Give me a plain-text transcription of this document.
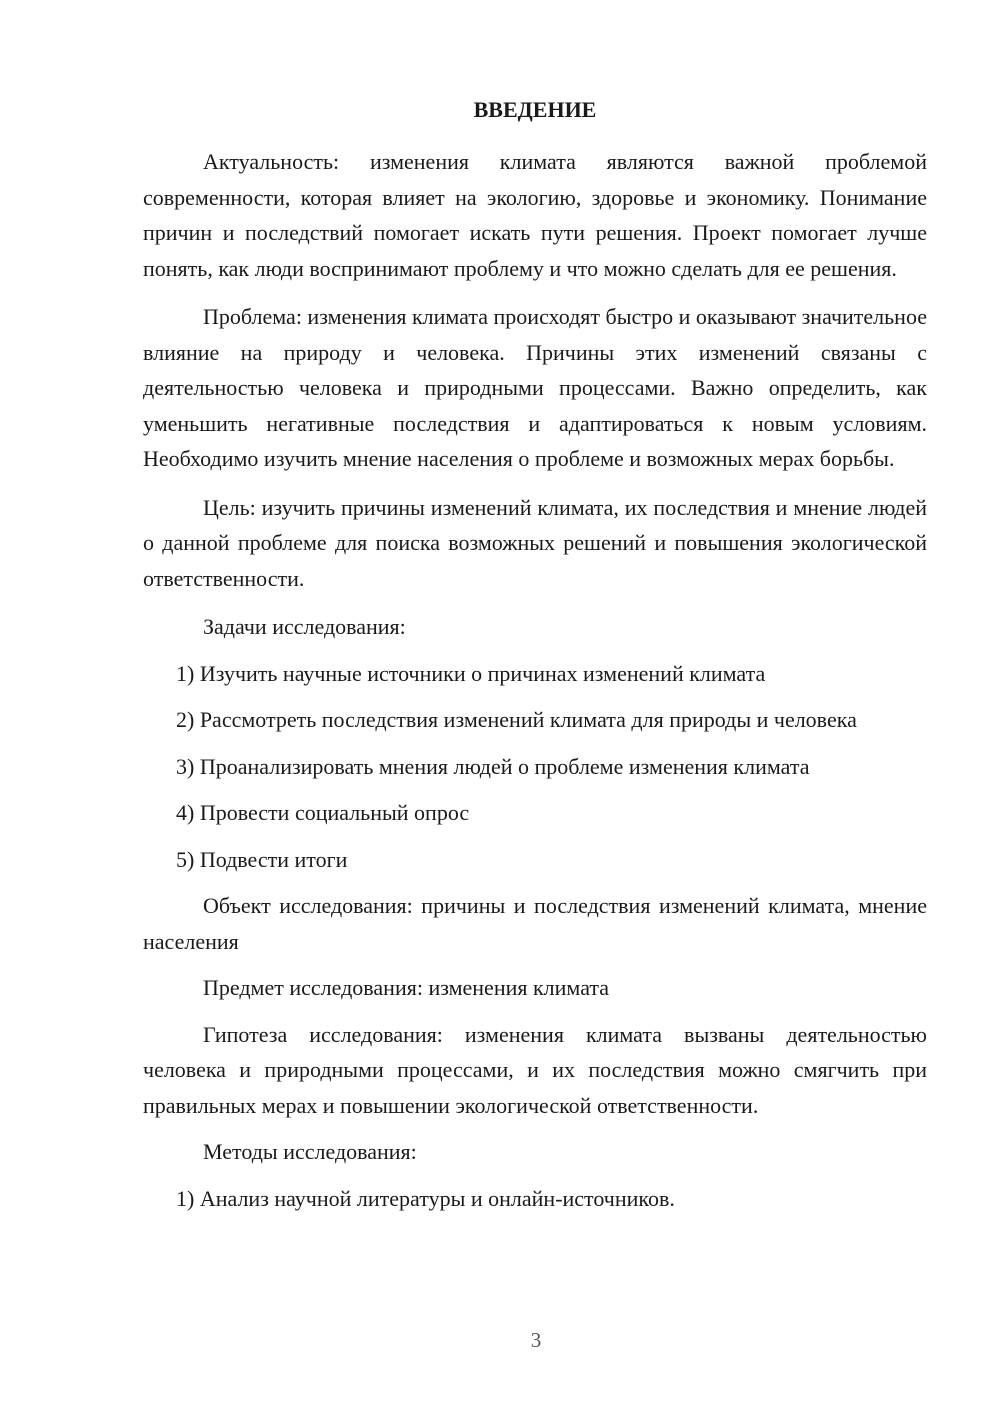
ВВЕДЕНИЕ

Актуальность: изменения климата являются важной проблемой современности, которая влияет на экологию, здоровье и экономику. Понимание причин и последствий помогает искать пути решения. Проект помогает лучше понять, как люди воспринимают проблему и что можно сделать для ее решения.

Проблема: изменения климата происходят быстро и оказывают значительное влияние на природу и человека. Причины этих изменений связаны с деятельностью человека и природными процессами. Важно определить, как уменьшить негативные последствия и адаптироваться к новым условиям. Необходимо изучить мнение населения о проблеме и возможных мерах борьбы.

Цель: изучить причины изменений климата, их последствия и мнение людей о данной проблеме для поиска возможных решений и повышения экологической ответственности.

Задачи исследования:

1) Изучить научные источники о причинах изменений климата

2) Рассмотреть последствия изменений климата для природы и человека

3) Проанализировать мнения людей о проблеме изменения климата

4) Провести социальный опрос

5) Подвести итоги

Объект исследования: причины и последствия изменений климата, мнение населения

Предмет исследования: изменения климата

Гипотеза исследования: изменения климата вызваны деятельностью человека и природными процессами, и их последствия можно смягчить при правильных мерах и повышении экологической ответственности.

Методы исследования:

1) Анализ научной литературы и онлайн-источников.

3
